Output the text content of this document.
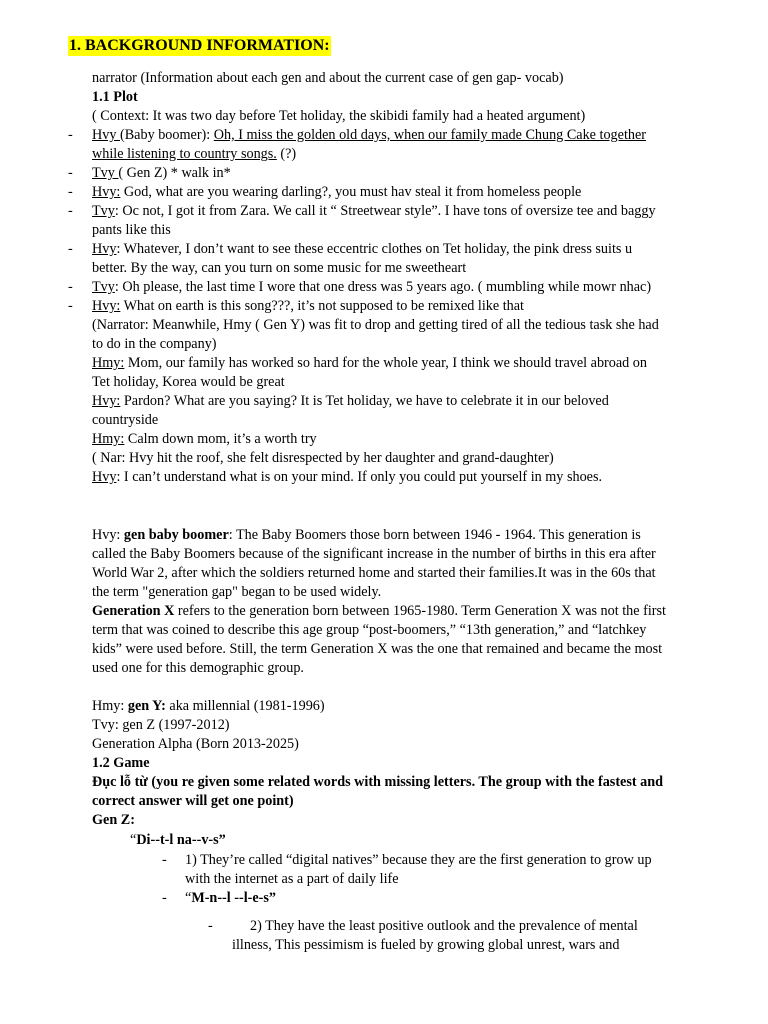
1. BACKGROUND INFORMATION:
narrator (Information about each gen and about the current case of gen gap- vocab)
1.1 Plot
( Context: It was two day before Tet holiday, the skibidi family had a heated argument)
- Hvy (Baby boomer): Oh, I miss the golden old days, when our family made Chung Cake together
while listening to country songs. (?)
- Tvy ( Gen Z) * walk in*
- Hvy: God, what are you wearing darling?, you must hav steal it from homeless people
- Tvy: Oc not, I got it from Zara. We call it “ Streetwear style”. I have tons of oversize tee and baggy
pants like this
- Hvy: Whatever, I don’t want to see these eccentric clothes on Tet holiday, the pink dress suits u
better. By the way, can you turn on some music for me sweetheart
- Tvy: Oh please, the last time I wore that one dress was 5 years ago. ( mumbling while mowr nhac)
- Hvy: What on earth is this song???, it’s not supposed to be remixed like that
(Narrator: Meanwhile, Hmy ( Gen Y) was fit to drop and getting tired of all the tedious task she had
to do in the company)
Hmy: Mom, our family has worked so hard for the whole year, I think we should travel abroad on
Tet holiday, Korea would be great
Hvy: Pardon? What are you saying? It is Tet holiday, we have to celebrate it in our beloved
countryside
Hmy: Calm down mom, it’s a worth try
( Nar: Hvy hit the roof, she felt disrespected by her daughter and grand-daughter)
Hvy: I can’t understand what is on your mind. If only you could put yourself in my shoes.
Hvy: gen baby boomer: The Baby Boomers those born between 1946 - 1964. This generation is
called the Baby Boomers because of the significant increase in the number of births in this era after
World War 2, after which the soldiers returned home and started their families.It was in the 60s that
the term "generation gap" began to be used widely.
Generation X refers to the generation born between 1965-1980. Term Generation X was not the first
term that was coined to describe this age group “post-boomers,” “13th generation,” and “latchkey
kids” were used before. Still, the term Generation X was the one that remained and became the most
used one for this demographic group.
Hmy: gen Y: aka millennial (1981-1996)
Tvy: gen Z (1997-2012)
Generation Alpha (Born 2013-2025)
1.2 Game
Đục lỗ từ (you re given some related words with missing letters. The group with the fastest and
correct answer will get one point)
Gen Z:
“Di--t-l na--v-s”
- 1) They’re called “digital natives” because they are the first generation to grow up
with the internet as a part of daily life
- “M-n--l --l-e-s”
-	2) They have the least positive outlook and the prevalence of mental
illness, This pessimism is fueled by growing global unrest, wars and
